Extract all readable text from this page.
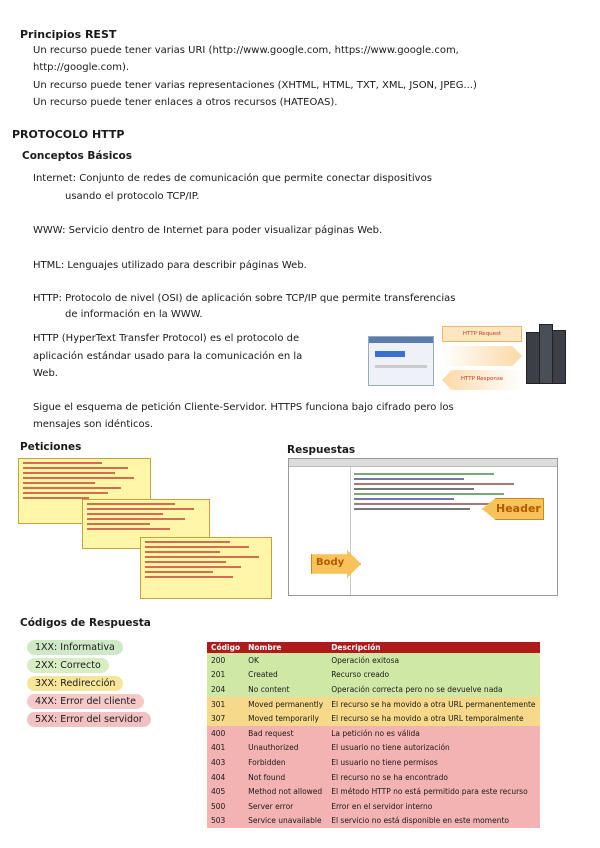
Principios REST
Un recurso puede tener varias URI (http://www.google.com, https://www.google.com,
http://google.com).
Un recurso puede tener varias representaciones (XHTML, HTML, TXT, XML, JSON, JPEG...)
Un recurso puede tener enlaces a otros recursos (HATEOAS).
PROTOCOLO HTTP
Conceptos Básicos
Internet: Conjunto de redes de comunicación que permite conectar dispositivos
usando el protocolo TCP/IP.
WWW: Servicio dentro de Internet para poder visualizar páginas Web.
HTML: Lenguajes utilizado para describir páginas Web.
HTTP: Protocolo de nivel (OSI) de aplicación sobre TCP/IP que permite transferencias
de información en la WWW.
HTTP (HyperText Transfer Protocol) es el protocolo de
aplicación estándar usado para la comunicación en la
Web.
HTTP Request
HTTP Response
Sigue el esquema de petición Cliente-Servidor. HTTPS funciona bajo cifrado pero los
mensajes son idénticos.
Peticiones	Respuestas
Header
Body
Códigos de Respuesta
1XX: Informativa
2XX: Correcto
3XX: Redirección
4XX: Error del cliente
5XX: Error del servidor
Código	Nombre	Descripción
200	OK	Operación exitosa
201	Created	Recurso creado
204	No content	Operación correcta pero no se devuelve nada
301	Moved permanently	El recurso se ha movido a otra URL permanentemente
307	Moved temporarily	El recurso se ha movido a otra URL temporalmente
400	Bad request	La petición no es válida
401	Unauthorized	El usuario no tiene autorización
403	Forbidden	El usuario no tiene permisos
404	Not found	El recurso no se ha encontrado
405	Method not allowed	El método HTTP no está permitido para este recurso
500	Server error	Error en el servidor interno
503	Service unavailable	El servicio no está disponible en este momento
